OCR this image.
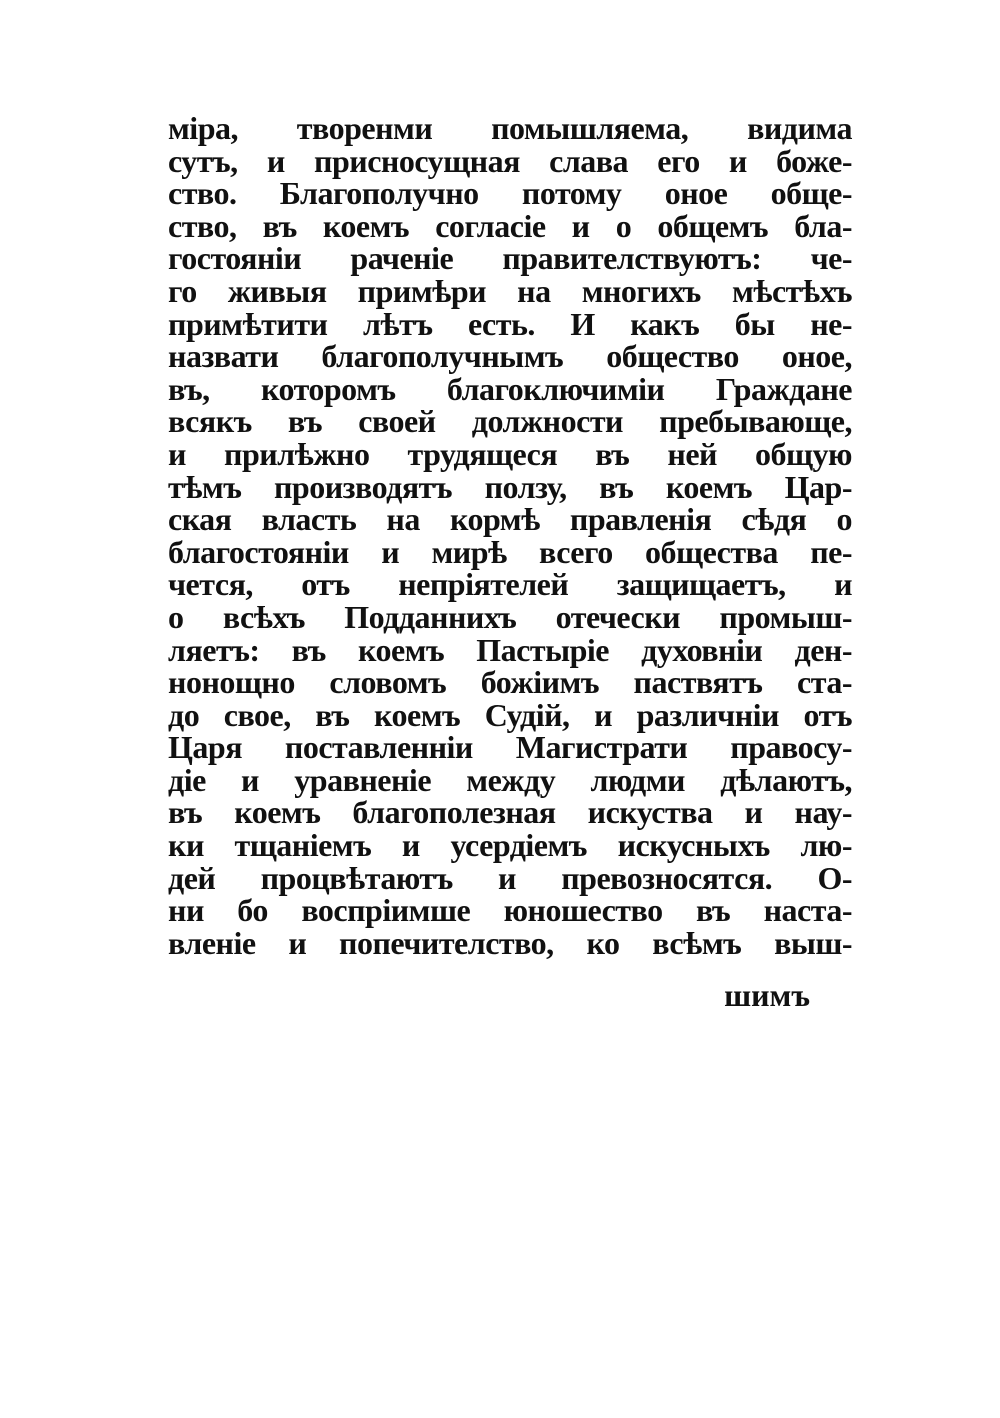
міра, творенми помышляема, видима
сутъ, и присносущная слава его и боже-
ство. Благополучно потому оное обще-
ство, въ коемъ согласіе и о общемъ бла-
гостояніи раченіе правителствуютъ: че-
го живыя примѣри на многихъ мѣстѣхъ
примѣтити лѣтъ есть. И какъ бы не-
назвати благополучнымъ общество оное,
въ, которомъ благоключиміи Граждане
всякъ въ своей должности пребывающе,
и прилѣжно трудящеся въ ней общую
тѣмъ производятъ ползу, въ коемъ Цар-
ская власть на кормѣ правленія сѣдя о
благостояніи и мирѣ всего общества пе-
чется, отъ непріятелей защищаетъ, и
о всѣхъ Подданнихъ отечески промыш-
ляетъ: въ коемъ Пастыріе духовніи ден-
нонощно словомъ божіимъ паствятъ ста-
до свое, въ коемъ Судій, и различніи отъ
Царя поставленніи Магистрати правосу-
діе и уравненіе между людми дѣлаютъ,
въ коемъ благополезная искуства и нау-
ки тщаніемъ и усердіемъ искусныхъ лю-
дей процвѣтаютъ и превозносятся. О-
ни бо воспріимше юношество въ наста-
вленіе и попечителство, ко всѣмъ выш-
шимъ
